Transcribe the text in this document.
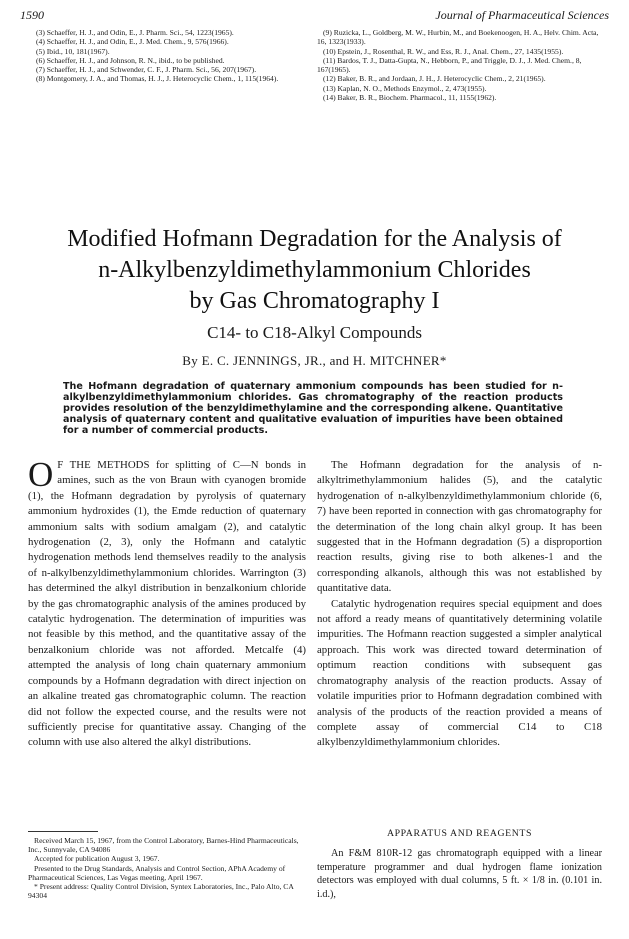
1590	Journal of Pharmaceutical Sciences

(3) Schaeffer, H. J., and Odin, E., J. Pharm. Sci., 54, 1223(1965).

(4) Schaeffer, H. J., and Odin, E., J. Med. Chem., 9, 576(1966).

(5) Ibid., 10, 181(1967).

(6) Schaeffer, H. J., and Johnson, R. N., ibid., to be published.

(7) Schaeffer, H. J., and Schwender, C. F., J. Pharm. Sci., 56, 207(1967).

(8) Montgomery, J. A., and Thomas, H. J., J. Heterocyclic Chem., 1, 115(1964).

(9) Ruzicka, L., Goldberg, M. W., Hurbin, M., and Boekenoogen, H. A., Helv. Chim. Acta, 16, 1323(1933).

(10) Epstein, J., Rosenthal, R. W., and Ess, R. J., Anal. Chem., 27, 1435(1955).

(11) Bardos, T. J., Datta-Gupta, N., Hebborn, P., and Triggle, D. J., J. Med. Chem., 8, 167(1965).

(12) Baker, B. R., and Jordaan, J. H., J. Heterocyclic Chem., 2, 21(1965).

(13) Kaplan, N. O., Methods Enzymol., 2, 473(1955).

(14) Baker, B. R., Biochem. Pharmacol., 11, 1155(1962).

Modified Hofmann Degradation for the Analysis of
n-Alkylbenzyldimethylammonium Chlorides
by Gas Chromatography I
C14- to C18-Alkyl Compounds
By E. C. JENNINGS, JR., and H. MITCHNER*
The Hofmann degradation of quaternary ammonium compounds has been studied for n-alkylbenzyldimethylammonium chlorides. Gas chromatography of the reaction products provides resolution of the benzyldimethylamine and the corresponding alkene. Quantitative analysis of quaternary content and qualitative evaluation of impurities have been obtained for a number of commercial products.

O F THE METHODS for splitting of C—N bonds in amines, such as the von Braun with cyanogen bromide (1), the Hofmann degradation by pyrolysis of quaternary ammonium hydroxides (1), the Emde reduction of quaternary ammonium salts with sodium amalgam (2), and catalytic hydrogenation (2, 3), only the Hofmann and catalytic hydrogenation methods lend themselves readily to the analysis of n-alkylbenzyldimethylammonium chlorides. Warrington (3) has determined the alkyl distribution in benzalkonium chloride by the gas chromatographic analysis of the amines produced by catalytic hydrogenation. The determination of impurities was not feasible by this method, and the quantitative assay of the benzalkonium chloride was not afforded. Metcalfe (4) attempted the analysis of long chain quaternary ammonium compounds by a Hofmann degradation with direct injection on an alkaline treated gas chromatographic column. The reaction did not follow the expected course, and the results were not sufficiently precise for quantitative assay. Changing of the column with use also altered the alkyl distributions.

The Hofmann degradation for the analysis of n-alkyltrimethylammonium halides (5), and the catalytic hydrogenation of n-alkylbenzyldimethylammonium chloride (6, 7) have been reported in connection with gas chromatography for the determination of the long chain alkyl group. It has been suggested that in the Hofmann degradation (5) a disproportion reaction results, giving rise to both alkenes-1 and the corresponding alkanols, although this was not established by quantitative data.

Catalytic hydrogenation requires special equipment and does not afford a ready means of quantitatively determining volatile impurities. The Hofmann reaction suggested a simpler analytical approach. This work was directed toward determination of optimum reaction conditions with subsequent gas chromatography analysis of the reaction products. Assay of volatile impurities prior to Hofmann degradation combined with analysis of the products of the reaction provided a means of complete assay of commercial C14 to C18 alkylbenzyldimethylammonium chlorides.

Received March 15, 1967, from the Control Laboratory, Barnes-Hind Pharmaceuticals, Inc., Sunnyvale, CA 94086

Accepted for publication August 3, 1967.

Presented to the Drug Standards, Analysis and Control Section, APhA Academy of Pharmaceutical Sciences, Las Vegas meeting, April 1967.

* Present address: Quality Control Division, Syntex Laboratories, Inc., Palo Alto, CA 94304

APPARATUS AND REAGENTS

An F&M 810R-12 gas chromatograph equipped with a linear temperature programmer and dual hydrogen flame ionization detectors was employed with dual columns, 5 ft. × 1/8 in. (0.101 in. i.d.),
